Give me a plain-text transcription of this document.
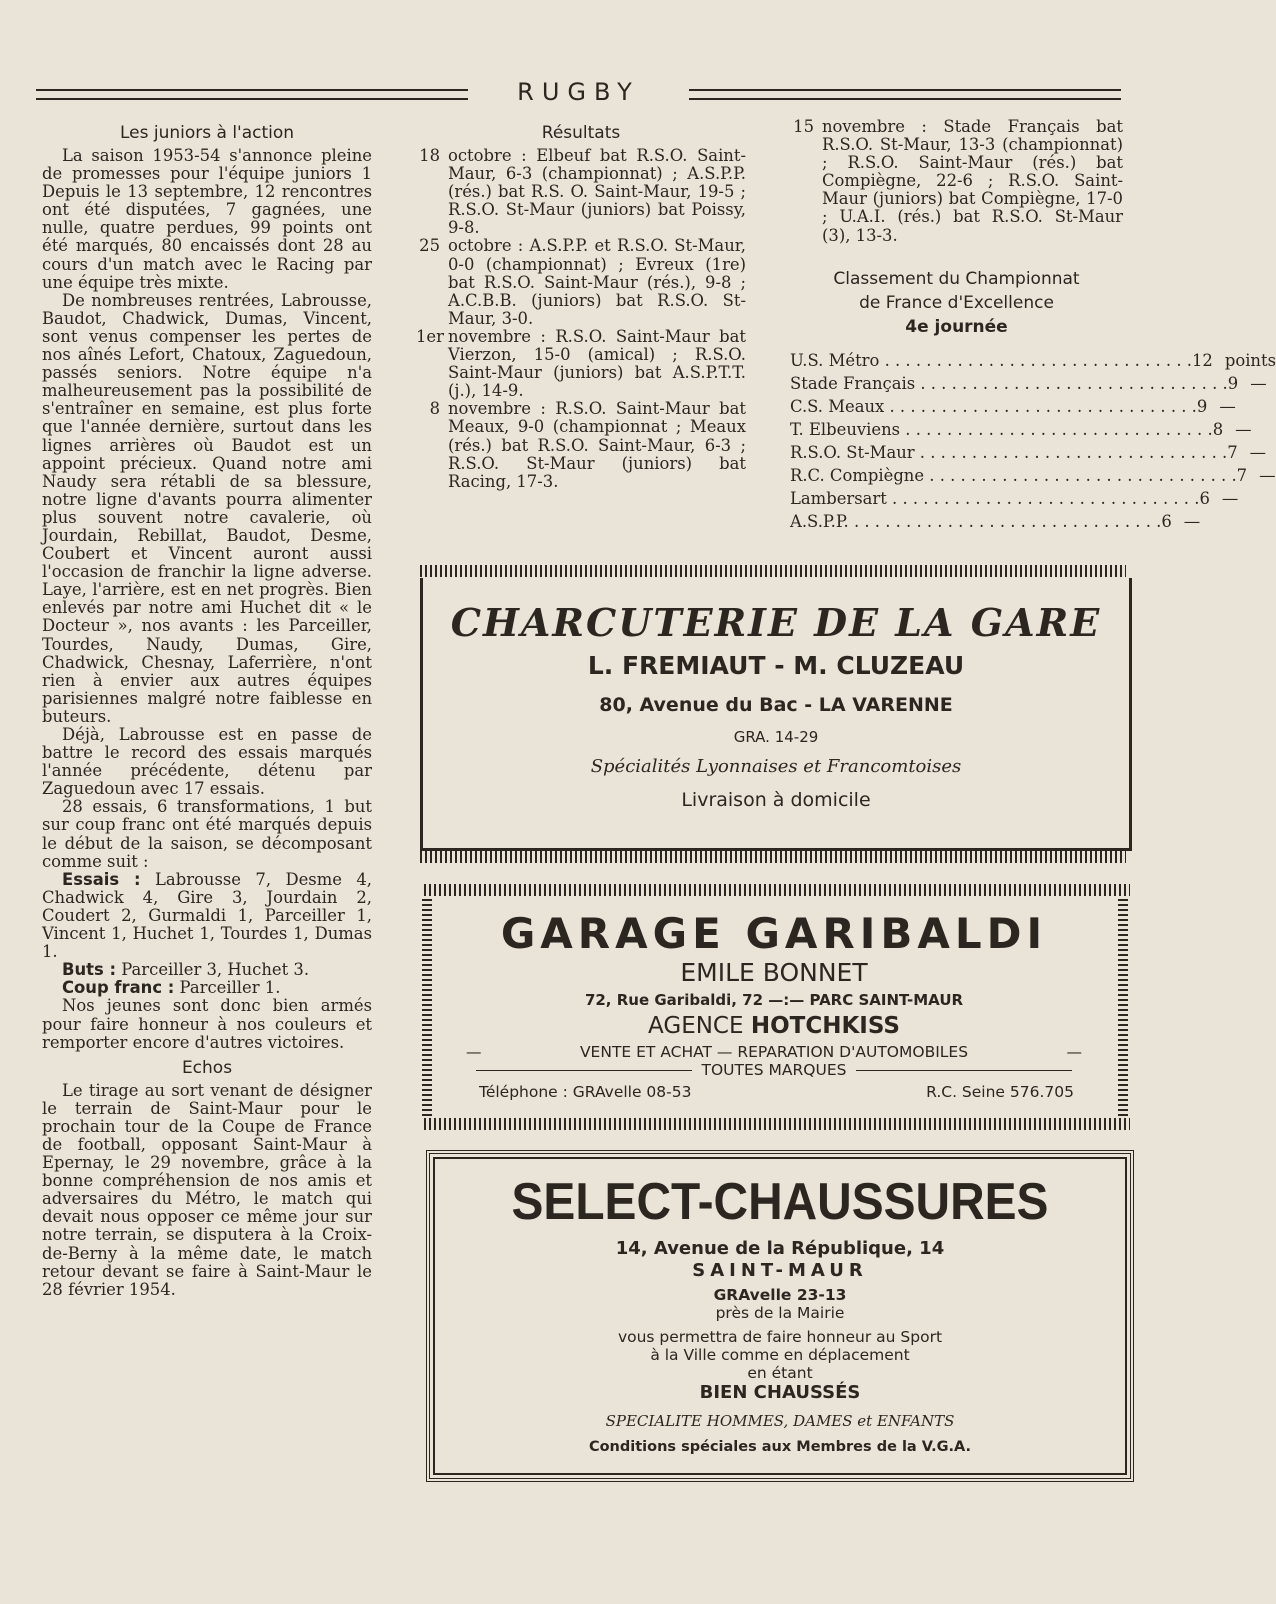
RUGBY
Les juniors à l'action

La saison 1953-54 s'annonce pleine de promesses pour l'équipe juniors 1 Depuis le 13 septembre, 12 rencontres ont été disputées, 7 gagnées, une nulle, quatre perdues, 99 points ont été marqués, 80 encaissés dont 28 au cours d'un match avec le Racing par une équipe très mixte.

De nombreuses rentrées, Labrousse, Baudot, Chadwick, Dumas, Vincent, sont venus compenser les pertes de nos aînés Lefort, Chatoux, Zaguedoun, passés seniors. Notre équipe n'a malheureusement pas la possibilité de s'entraîner en semaine, est plus forte que l'année dernière, surtout dans les lignes arrières où Baudot est un appoint précieux. Quand notre ami Naudy sera rétabli de sa blessure, notre ligne d'avants pourra alimenter plus souvent notre cavalerie, où Jourdain, Rebillat, Baudot, Desme, Coubert et Vincent auront aussi l'occasion de franchir la ligne adverse. Laye, l'arrière, est en net progrès. Bien enlevés par notre ami Huchet dit « le Docteur », nos avants : les Parceiller, Tourdes, Naudy, Dumas, Gire, Chadwick, Chesnay, Laferrière, n'ont rien à envier aux autres équipes parisiennes malgré notre faiblesse en buteurs.

Déjà, Labrousse est en passe de battre le record des essais marqués l'année précédente, détenu par Zaguedoun avec 17 essais.

28 essais, 6 transformations, 1 but sur coup franc ont été marqués depuis le début de la saison, se décomposant comme suit :

Essais : Labrousse 7, Desme 4, Chadwick 4, Gire 3, Jourdain 2, Coudert 2, Gurmaldi 1, Parceiller 1, Vincent 1, Huchet 1, Tourdes 1, Dumas 1.

Buts : Parceiller 3, Huchet 3.

Coup franc : Parceiller 1.

Nos jeunes sont donc bien armés pour faire honneur à nos couleurs et remporter encore d'autres victoires.

Echos

Le tirage au sort venant de désigner le terrain de Saint-Maur pour le prochain tour de la Coupe de France de football, opposant Saint-Maur à Epernay, le 29 novembre, grâce à la bonne compréhension de nos amis et adversaires du Métro, le match qui devait nous opposer ce même jour sur notre terrain, se disputera à la Croix-de-Berny à la même date, le match retour devant se faire à Saint-Maur le 28 février 1954.

Résultats
18 octobre : Elbeuf bat R.S.O. Saint-Maur, 6-3 (championnat) ; A.S.P.P. (rés.) bat R.S. O. Saint-Maur, 19-5 ; R.S.O. St-Maur (juniors) bat Poissy, 9-8.
25 octobre : A.S.P.P. et R.S.O. St-Maur, 0-0 (championnat) ; Evreux (1re) bat R.S.O. Saint-Maur (rés.), 9-8 ; A.C.B.B. (juniors) bat R.S.O. St-Maur, 3-0.
1er novembre : R.S.O. Saint-Maur bat Vierzon, 15-0 (amical) ; R.S.O. Saint-Maur (juniors) bat A.S.P.T.T. (j.), 14-9.
8 novembre : R.S.O. Saint-Maur bat Meaux, 9-0 (championnat ; Meaux (rés.) bat R.S.O. Saint-Maur, 6-3 ; R.S.O. St-Maur (juniors) bat Racing, 17-3.
15 novembre : Stade Français bat R.S.O. St-Maur, 13-3 (championnat) ; R.S.O. Saint-Maur (rés.) bat Compiègne, 22-6 ; R.S.O. Saint-Maur (juniors) bat Compiègne, 17-0 ; U.A.I. (rés.) bat R.S.O. St-Maur (3), 13-3.
Classement du Championnat
de France d'Excellence
4e journée
U.S. Métro . . . . . . . . . . . . . . . . . . . . . . . . . . . . . . 12 points
Stade Français . . . . . . . . . . . . . . . . . . . . . . . . . . . . . . 9 —
C.S. Meaux . . . . . . . . . . . . . . . . . . . . . . . . . . . . . . 9 —
T. Elbeuviens . . . . . . . . . . . . . . . . . . . . . . . . . . . . . . 8 —
R.S.O. St-Maur . . . . . . . . . . . . . . . . . . . . . . . . . . . . . . 7 —
R.C. Compiègne . . . . . . . . . . . . . . . . . . . . . . . . . . . . . . 7 —
Lambersart . . . . . . . . . . . . . . . . . . . . . . . . . . . . . . 6 —
A.S.P.P. . . . . . . . . . . . . . . . . . . . . . . . . . . . . . . 6 —
CHARCUTERIE DE LA GARE
L. FREMIAUT - M. CLUZEAU
80, Avenue du Bac - LA VARENNE
GRA. 14-29
Spécialités Lyonnaises et Francomtoises
Livraison à domicile
GARAGE GARIBALDI
EMILE BONNET
72, Rue Garibaldi, 72 —:— PARC SAINT-MAUR
AGENCE HOTCHKISS
—	VENTE ET ACHAT — REPARATION D'AUTOMOBILES	—
TOUTES MARQUES
Téléphone : GRAvelle 08-53	R.C. Seine 576.705
SELECT-CHAUSSURES
14, Avenue de la République, 14
SAINT-MAUR
GRAvelle 23-13
près de la Mairie
vous permettra de faire honneur au Sport
à la Ville comme en déplacement
en étant
BIEN CHAUSSÉS
SPECIALITE HOMMES, DAMES et ENFANTS
Conditions spéciales aux Membres de la V.G.A.
